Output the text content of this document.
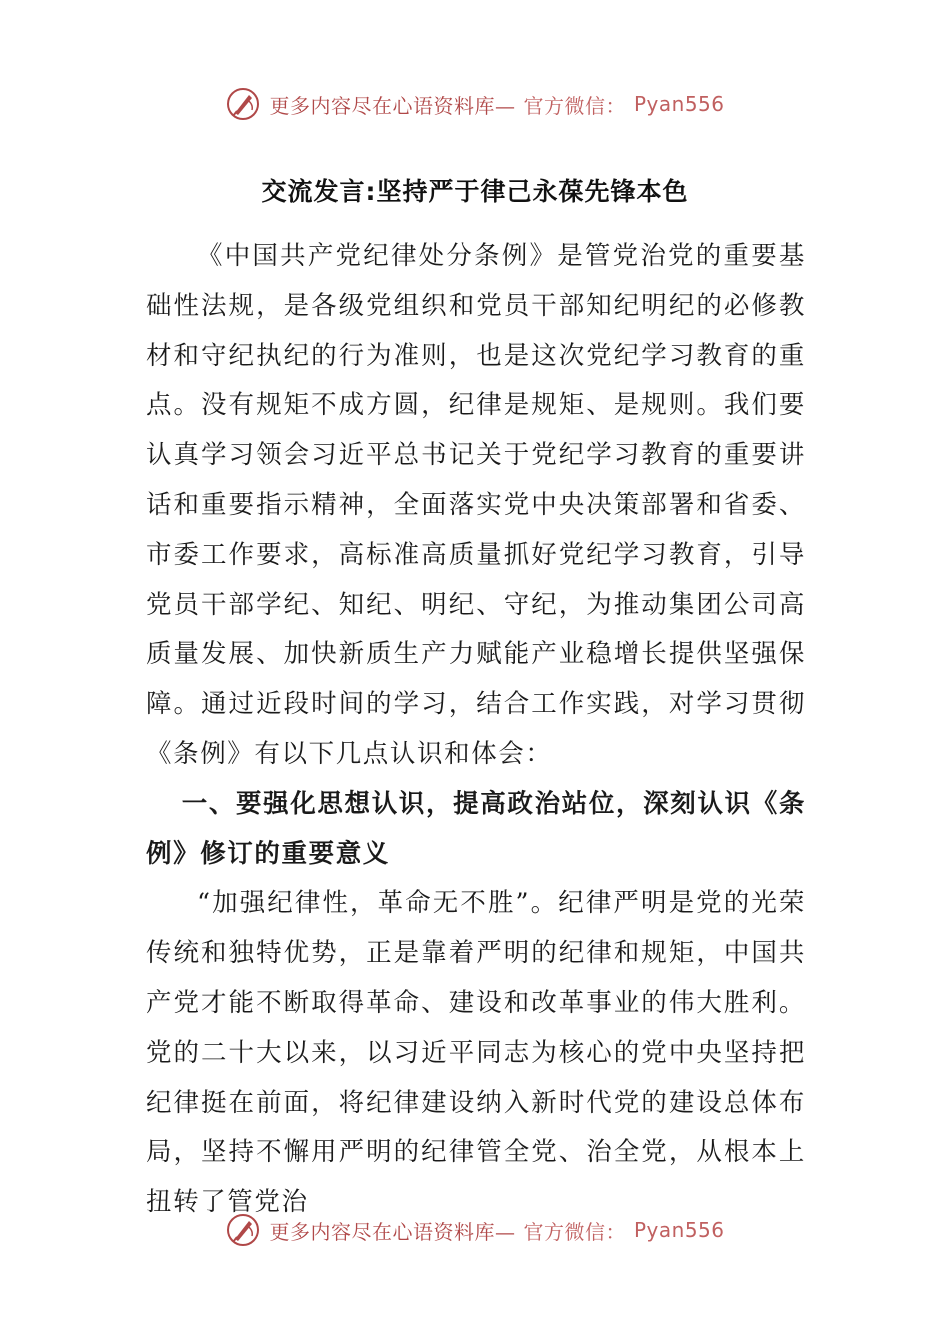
更多内容尽在心语资料库— 官方微信： Pyan556
交流发言:坚持严于律己永葆先锋本色

《中国共产党纪律处分条例》是管党治党的重要基础性法规，是各级党组织和党员干部知纪明纪的必修教材和守纪执纪的行为准则，也是这次党纪学习教育的重点。没有规矩不成方圆，纪律是规矩、是规则。我们要认真学习领会习近平总书记关于党纪学习教育的重要讲话和重要指示精神，全面落实党中央决策部署和省委、市委工作要求，高标准高质量抓好党纪学习教育，引导党员干部学纪、知纪、明纪、守纪，为推动集团公司高质量发展、加快新质生产力赋能产业稳增长提供坚强保障。通过近段时间的学习，结合工作实践，对学习贯彻《条例》有以下几点认识和体会：

一、要强化思想认识，提高政治站位，深刻认识《条例》修订的重要意义

“加强纪律性，革命无不胜”。纪律严明是党的光荣传统和独特优势，正是靠着严明的纪律和规矩，中国共产党才能不断取得革命、建设和改革事业的伟大胜利。党的二十大以来，以习近平同志为核心的党中央坚持把纪律挺在前面，将纪律建设纳入新时代党的建设总体布局，坚持不懈用严明的纪律管全党、治全党，从根本上扭转了管党治

更多内容尽在心语资料库— 官方微信： Pyan556
